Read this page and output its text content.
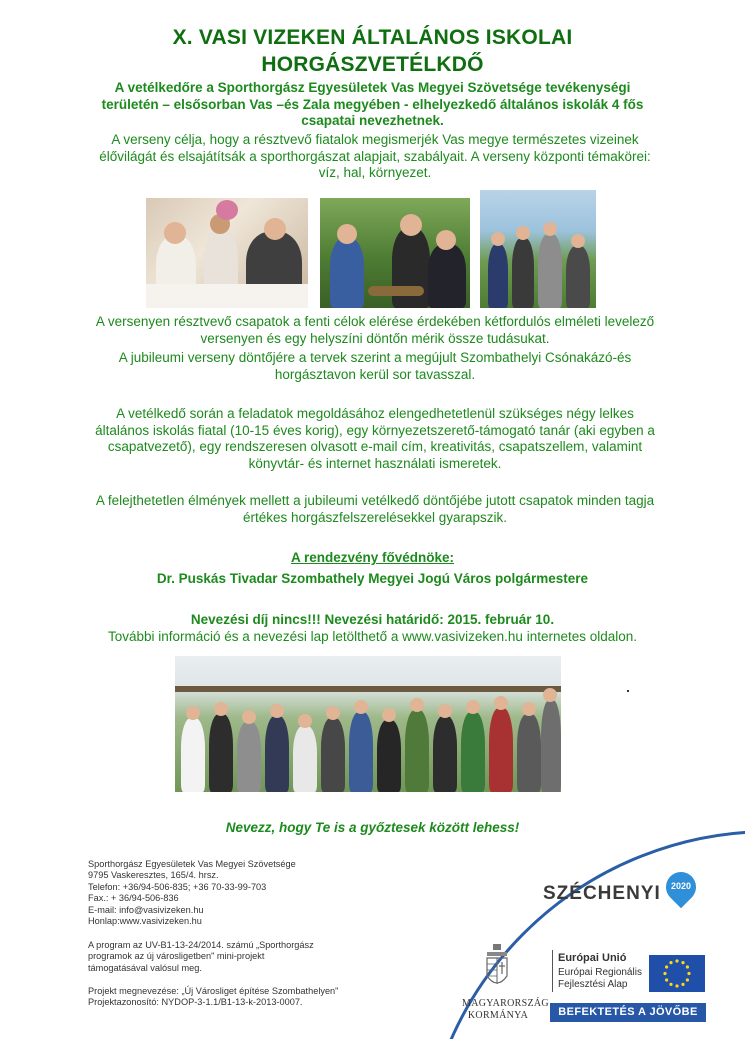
X. VASI VIZEKEN ÁLTALÁNOS ISKOLAI
HORGÁSZVETÉLKDŐ
A vetélkedőre a Sporthorgász Egyesületek Vas Megyei Szövetsége tevékenységi területén – elsősorban Vas –és Zala megyében - elhelyezkedő általános iskolák 4 fős csapatai nevezhetnek.
A verseny célja, hogy a résztvevő fiatalok megismerjék Vas megye természetes vizeinek élővilágát és elsajátítsák a sporthorgászat alapjait, szabályait. A verseny központi témakörei: víz, hal, környezet.
A versenyen résztvevő csapatok a fenti célok elérése érdekében kétfordulós elméleti levelező versenyen és egy helyszíni döntőn mérik össze tudásukat.
A jubileumi verseny döntőjére a tervek szerint a megújult Szombathelyi Csónakázó-és horgásztavon kerül sor tavasszal.
A vetélkedő során a feladatok megoldásához elengedhetetlenül szükséges négy lelkes általános iskolás fiatal (10-15 éves korig), egy környezetszerető-támogató tanár (aki egyben a csapatvezető), egy rendszeresen olvasott e-mail cím, kreativitás, csapatszellem, valamint könyvtár- és internet használati ismeretek.
A felejthetetlen élmények mellett a jubileumi vetélkedő döntőjébe jutott csapatok minden tagja értékes horgászfelszerelésekkel gyarapszik.
A rendezvény fővédnöke:
Dr. Puskás Tivadar Szombathely Megyei Jogú Város polgármestere
Nevezési díj nincs!!! Nevezési határidő: 2015. február 10.
További információ és a nevezési lap letölthető a www.vasivizeken.hu internetes oldalon.
Nevezz, hogy Te is a győztesek között lehess!
Sporthorgász Egyesületek Vas Megyei Szövetsége
9795 Vaskeresztes, 165/4. hrsz.
Telefon: +36/94-506-835; +36 70-33-99-703
Fax.: + 36/94-506-836
E-mail: info@vasivizeken.hu
Honlap:www.vasivizeken.hu
A program az UV-B1-13-24/2014. számú „Sporthorgász
programok az új városligetben" mini-projekt
támogatásával valósul meg.
Projekt megnevezése: „Új Városliget építése Szombathelyen"
Projektazonosító: NYDOP-3-1.1/B1-13-k-2013-0007.
SZÉCHENYI	2020
MAGYARORSZÁG
KORMÁNYA
Európai Unió
Európai Regionális
Fejlesztési Alap
BEFEKTETÉS A JÖVŐBE
